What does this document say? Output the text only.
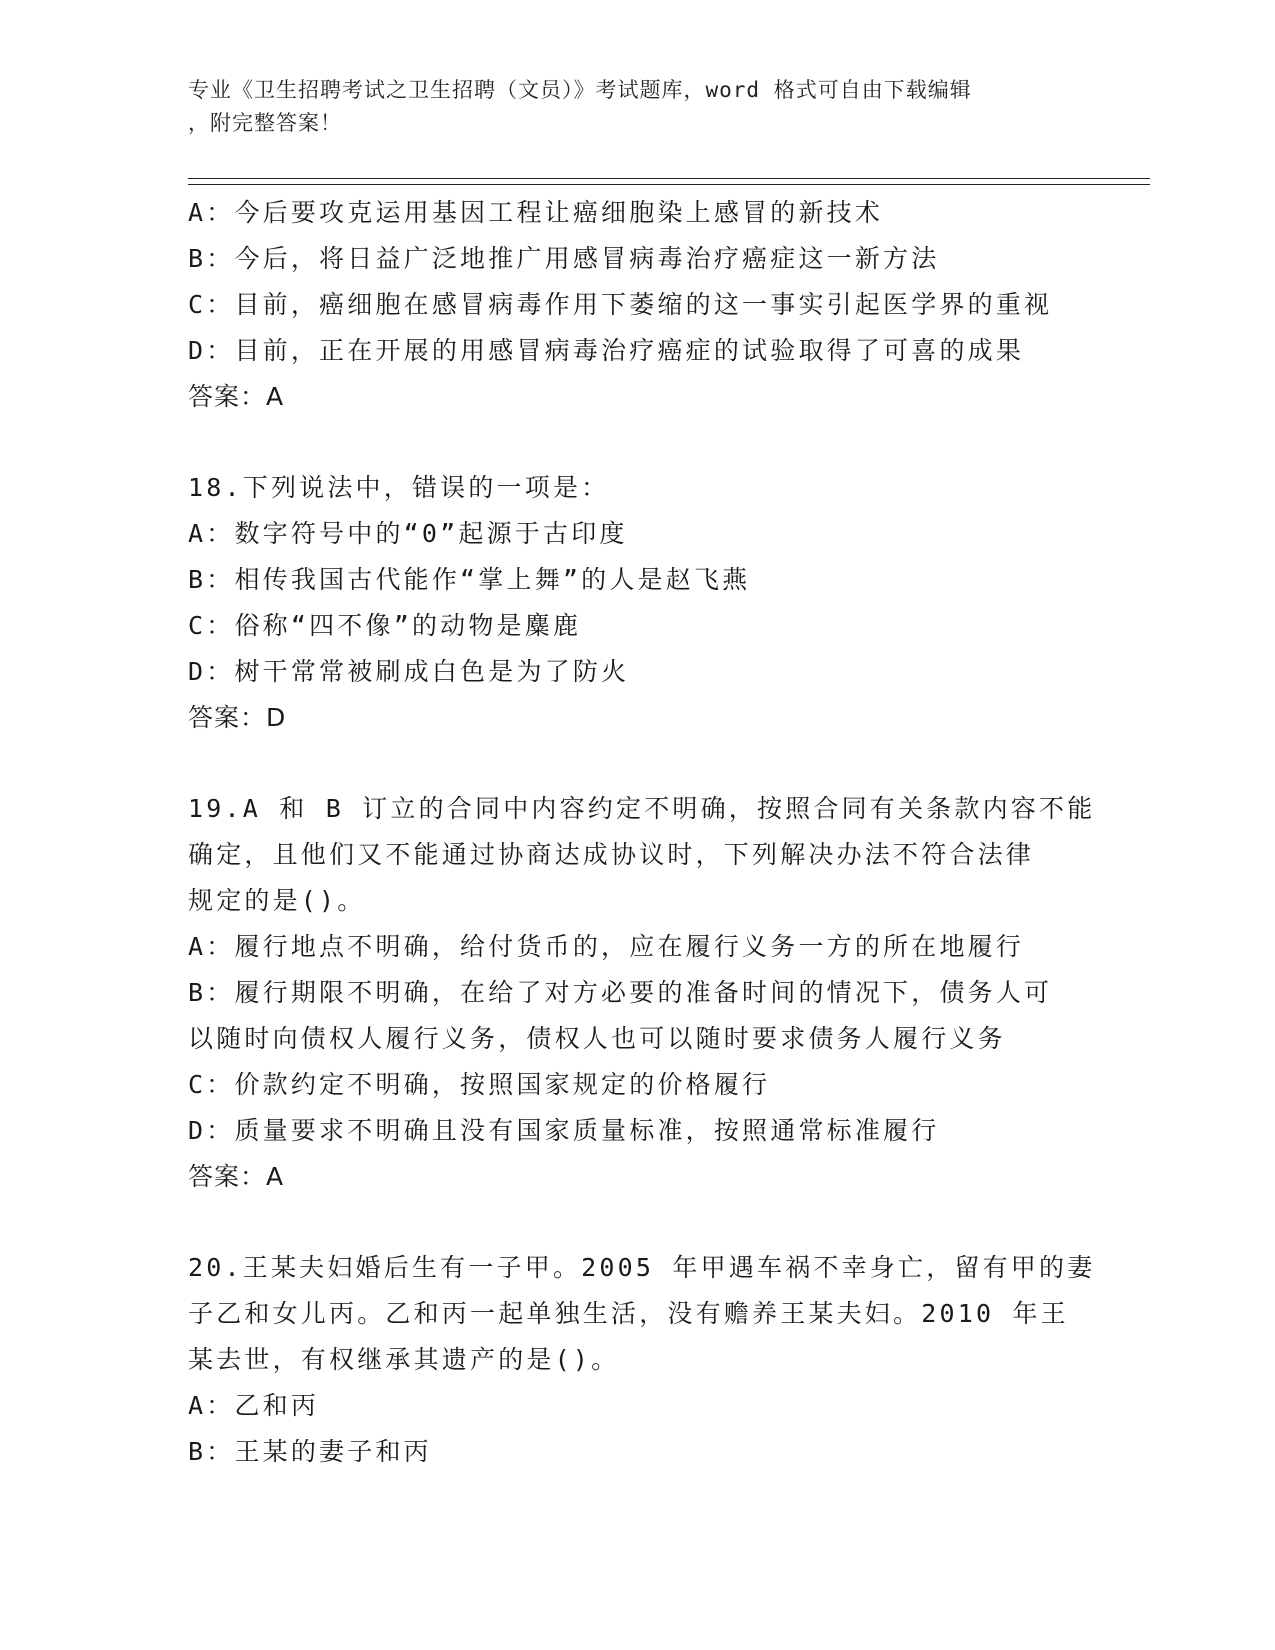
专业《卫生招聘考试之卫生招聘（文员）》考试题库，word 格式可自由下载编辑
，附完整答案！
A：今后要攻克运用基因工程让癌细胞染上感冒的新技术
B：今后，将日益广泛地推广用感冒病毒治疗癌症这一新方法
C：目前，癌细胞在感冒病毒作用下萎缩的这一事实引起医学界的重视
D：目前，正在开展的用感冒病毒治疗癌症的试验取得了可喜的成果
答案：A
18.下列说法中，错误的一项是：
A：数字符号中的“0”起源于古印度
B：相传我国古代能作“掌上舞”的人是赵飞燕
C：俗称“四不像”的动物是麋鹿
D：树干常常被刷成白色是为了防火
答案：D
19.A 和 B 订立的合同中内容约定不明确，按照合同有关条款内容不能
确定，且他们又不能通过协商达成协议时，下列解决办法不符合法律
规定的是()。
A：履行地点不明确，给付货币的，应在履行义务一方的所在地履行
B：履行期限不明确，在给了对方必要的准备时间的情况下，债务人可
以随时向债权人履行义务，债权人也可以随时要求债务人履行义务
C：价款约定不明确，按照国家规定的价格履行
D：质量要求不明确且没有国家质量标准，按照通常标准履行
答案：A
20.王某夫妇婚后生有一子甲。2005 年甲遇车祸不幸身亡，留有甲的妻
子乙和女儿丙。乙和丙一起单独生活，没有赡养王某夫妇。2010 年王
某去世，有权继承其遗产的是()。
A：乙和丙
B：王某的妻子和丙
